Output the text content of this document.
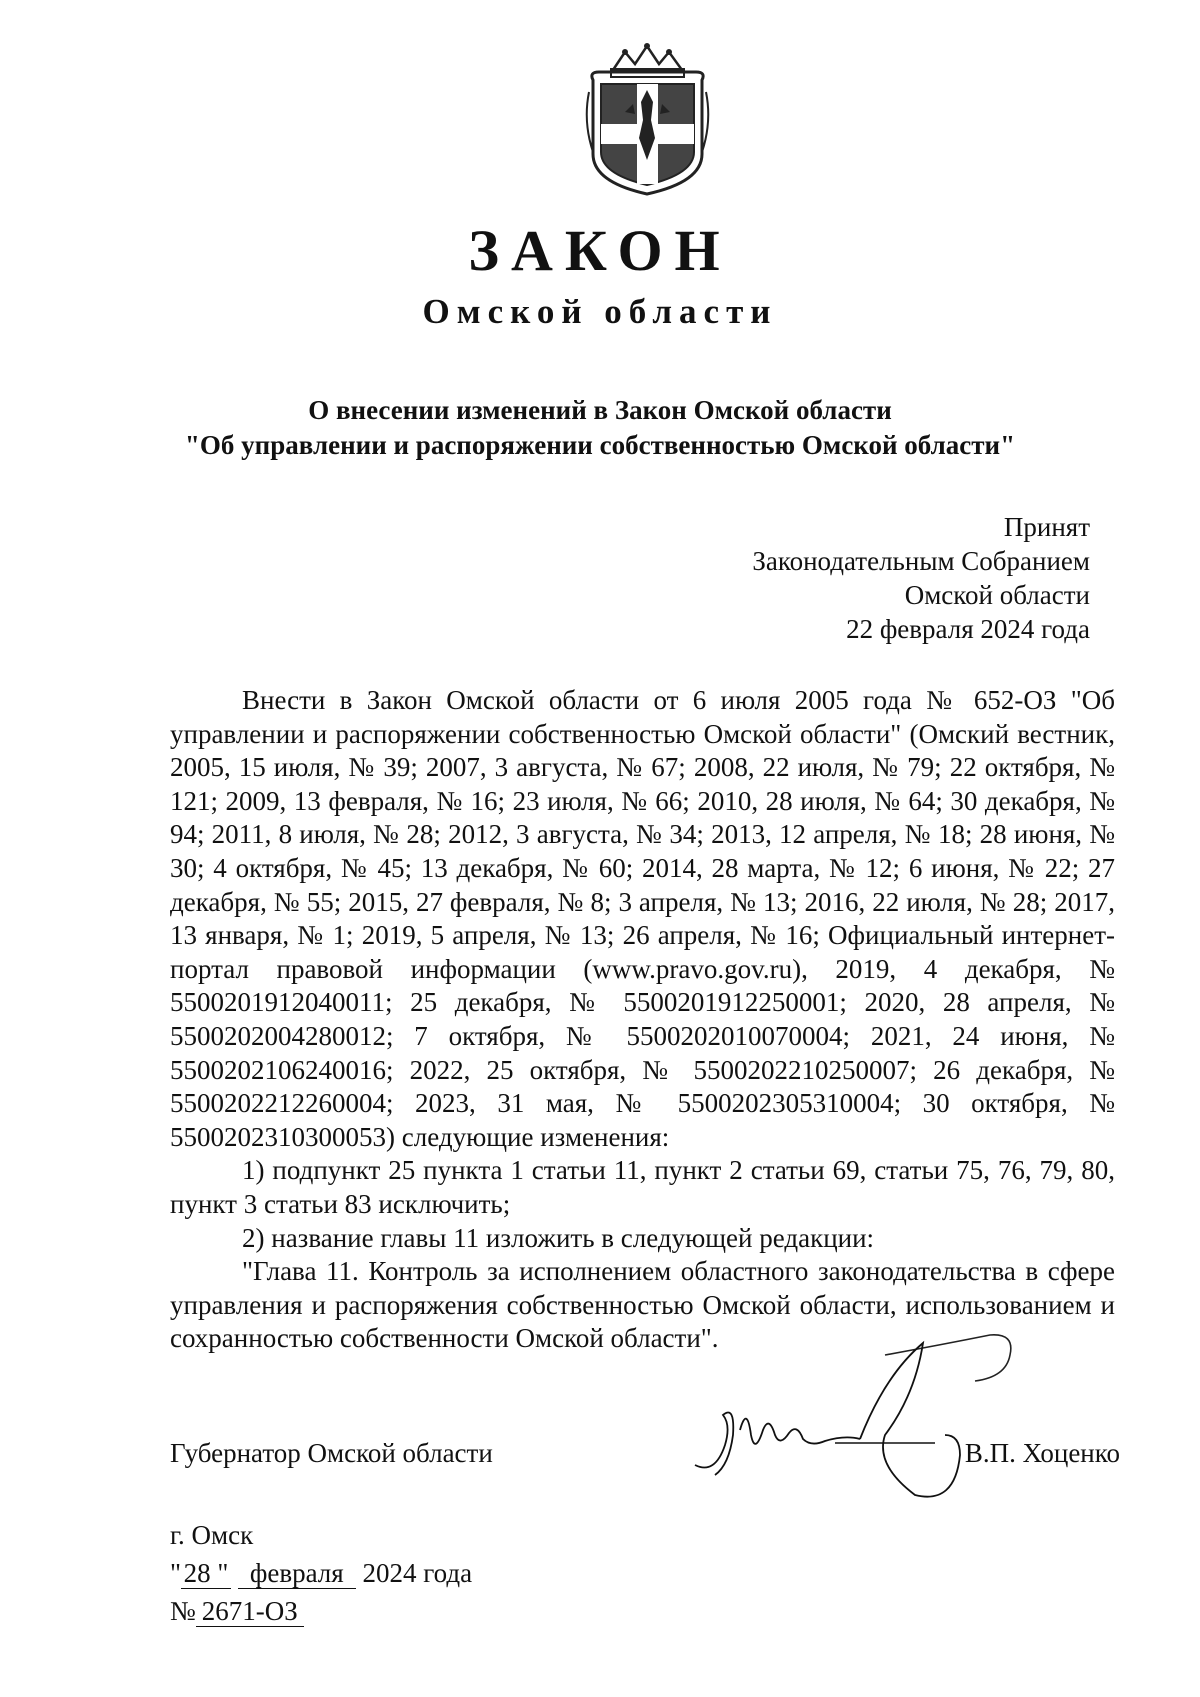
ЗАКОН
Омской области
О внесении изменений в Закон Омской области
"Об управлении и распоряжении собственностью Омской области"
Принят
Законодательным Собранием
Омской области
22 февраля 2024 года

Внести в Закон Омской области от 6 июля 2005 года № 652-ОЗ "Об управлении и распоряжении собственностью Омской области" (Омский вестник, 2005, 15 июля, № 39; 2007, 3 августа, № 67; 2008, 22 июля, № 79; 22 октября, № 121; 2009, 13 февраля, № 16; 23 июля, № 66; 2010, 28 июля, № 64; 30 декабря, № 94; 2011, 8 июля, № 28; 2012, 3 августа, № 34; 2013, 12 апреля, № 18; 28 июня, № 30; 4 октября, № 45; 13 декабря, № 60; 2014, 28 марта, № 12; 6 июня, № 22; 27 декабря, № 55; 2015, 27 февраля, № 8; 3 апреля, № 13; 2016, 22 июля, № 28; 2017, 13 января, № 1; 2019, 5 апреля, № 13; 26 апреля, № 16; Официальный интернет-портал правовой информации (www.pravo.gov.ru), 2019, 4 декабря, № 5500201912040011; 25 декабря, № 5500201912250001; 2020, 28 апреля, № 5500202004280012; 7 октября, № 5500202010070004; 2021, 24 июня, № 5500202106240016; 2022, 25 октября, № 5500202210250007; 26 декабря, № 5500202212260004; 2023, 31 мая, № 5500202305310004; 30 октября, № 5500202310300053) следующие изменения:

1) подпункт 25 пункта 1 статьи 11, пункт 2 статьи 69, статьи 75, 76, 79, 80, пункт 3 статьи 83 исключить;

2) название главы 11 изложить в следующей редакции:

"Глава 11. Контроль за исполнением областного законодательства в сфере управления и распоряжения собственностью Омской области, использованием и сохранностью собственности Омской области".

Губернатор Омской области	В.П. Хоценко
г. Омск
"28 " февраля 2024 года
№ 2671-ОЗ
